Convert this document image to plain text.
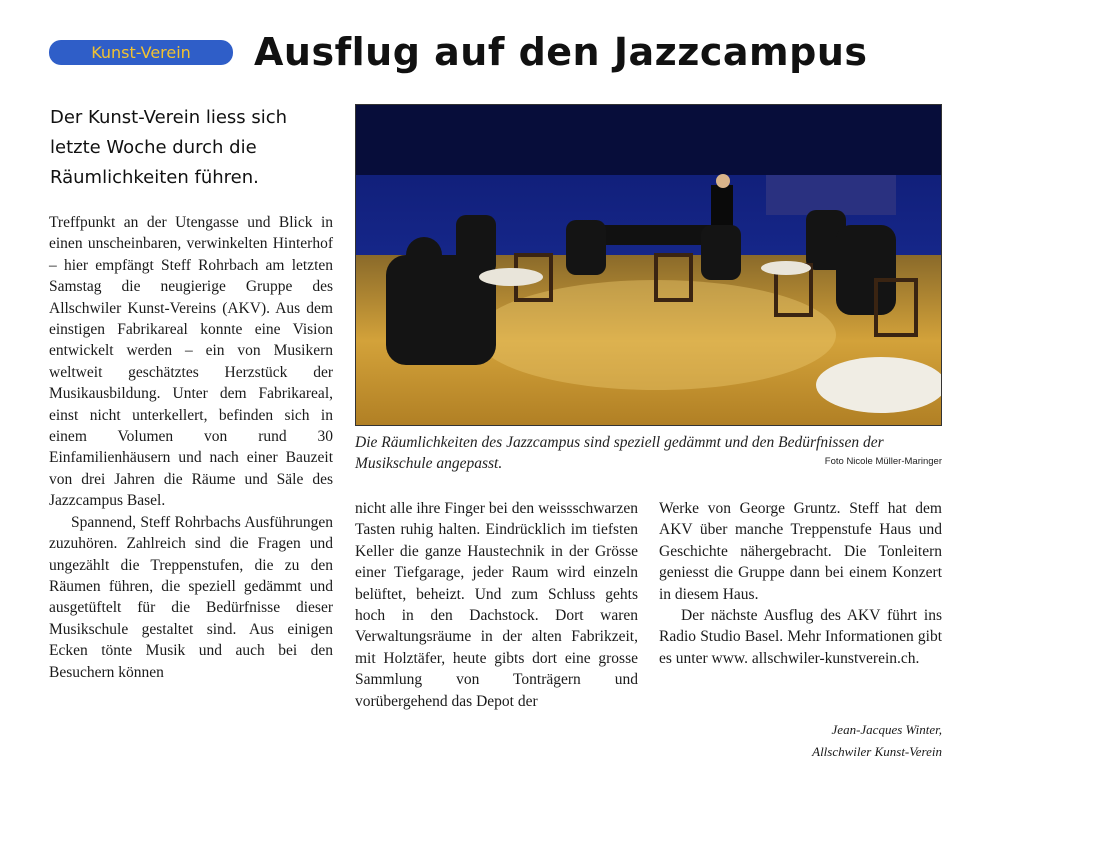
Kunst-Verein	Ausflug auf den Jazzcampus

Der Kunst-Verein liess sich letzte Woche durch die Räumlichkeiten führen.

Treffpunkt an der Utengasse und Blick in einen unscheinbaren, verwinkelten Hinterhof – hier empfängt Steff Rohrbach am letzten Samstag die neugierige Gruppe des Allschwiler Kunst-Vereins (AKV). Aus dem einstigen Fabrikareal konnte eine Vision entwickelt werden – ein von Musikern weltweit geschätztes Herzstück der Musikausbildung. Unter dem Fabrikareal, einst nicht unterkellert, befinden sich in einem Volumen von rund 30 Einfamilienhäusern und nach einer Bauzeit von drei Jahren die Räume und Säle des Jazzcampus Basel.

Spannend, Steff Rohrbachs Ausführungen zuzuhören. Zahlreich sind die Fragen und ungezählt die Treppenstufen, die zu den Räumen führen, die speziell gedämmt und ausgetüftelt für die Bedürfnisse dieser Musikschule gestaltet sind. Aus einigen Ecken tönte Musik und auch bei den Besuchern können

Die Räumlichkeiten des Jazzcampus sind speziell gedämmt und den Bedürfnissen der Musikschule angepasst.	Foto Nicole Müller-Maringer

nicht alle ihre Finger bei den weissschwarzen Tasten ruhig halten. Eindrücklich im tiefsten Keller die ganze Haustechnik in der Grösse einer Tiefgarage, jeder Raum wird einzeln belüftet, beheizt. Und zum Schluss gehts hoch in den Dachstock. Dort waren Verwaltungsräume in der alten Fabrikzeit, mit Holztäfer, heute gibts dort eine grosse Sammlung von Tonträgern und vorübergehend das Depot der

Werke von George Gruntz. Steff hat dem AKV über manche Treppenstufe Haus und Geschichte nähergebracht. Die Tonleitern geniesst die Gruppe dann bei einem Konzert in diesem Haus.

Der nächste Ausflug des AKV führt ins Radio Studio Basel. Mehr Informationen gibt es unter www. allschwiler-kunstverein.ch.

Jean-Jacques Winter,
Allschwiler Kunst-Verein
